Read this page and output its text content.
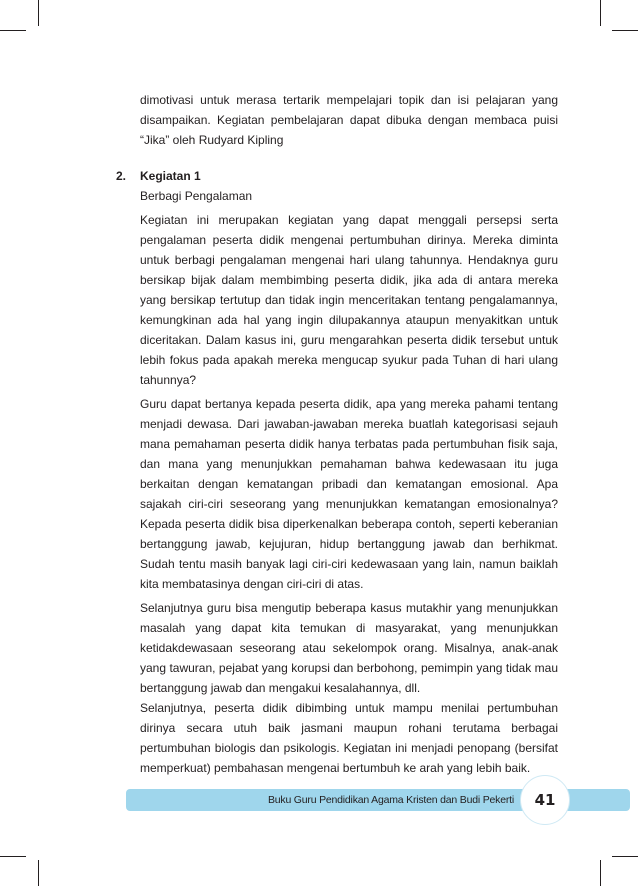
dimotivasi untuk merasa tertarik mempelajari topik dan isi pelajaran yang disampaikan. Kegiatan pembelajaran dapat dibuka dengan membaca puisi “Jika” oleh Rudyard Kipling

2. Kegiatan 1

Berbagi Pengalaman

Kegiatan ini merupakan kegiatan yang dapat menggali persepsi serta pengalaman peserta didik mengenai pertumbuhan dirinya. Mereka diminta untuk berbagi pengalaman mengenai hari ulang tahunnya. Hendaknya guru bersikap bijak dalam membimbing peserta didik, jika ada di antara mereka yang bersikap tertutup dan tidak ingin menceritakan tentang pengalamannya, kemungkinan ada hal yang ingin dilupakannya ataupun menyakitkan untuk diceritakan. Dalam kasus ini, guru mengarahkan peserta didik tersebut untuk lebih fokus pada apakah mereka mengucap syukur pada Tuhan di hari ulang tahunnya?

Guru dapat bertanya kepada peserta didik, apa yang mereka pahami tentang menjadi dewasa. Dari jawaban-jawaban mereka buatlah kategorisasi sejauh mana pemahaman peserta didik hanya terbatas pada pertumbuhan fisik saja, dan mana yang menunjukkan pemahaman bahwa kedewasaan itu juga berkaitan dengan kematangan pribadi dan kematangan emosional. Apa sajakah ciri-ciri seseorang yang menunjukkan kematangan emosionalnya? Kepada peserta didik bisa diperkenalkan beberapa contoh, seperti keberanian bertanggung jawab, kejujuran, hidup bertanggung jawab dan berhikmat. Sudah tentu masih banyak lagi ciri-ciri kedewasaan yang lain, namun baiklah kita membatasinya dengan ciri-ciri di atas.

Selanjutnya guru bisa mengutip beberapa kasus mutakhir yang menunjukkan masalah yang dapat kita temukan di masyarakat, yang menunjukkan ketidakdewasaan seseorang atau sekelompok orang. Misalnya, anak-anak yang tawuran, pejabat yang korupsi dan berbohong, pemimpin yang tidak mau bertanggung jawab dan mengakui kesalahannya, dll.

Selanjutnya, peserta didik dibimbing untuk mampu menilai pertumbuhan dirinya secara utuh baik jasmani maupun rohani terutama berbagai pertumbuhan biologis dan psikologis. Kegiatan ini menjadi penopang (bersifat memperkuat) pembahasan mengenai bertumbuh ke arah yang lebih baik.

Buku Guru Pendidikan Agama Kristen dan Budi Pekerti	41
